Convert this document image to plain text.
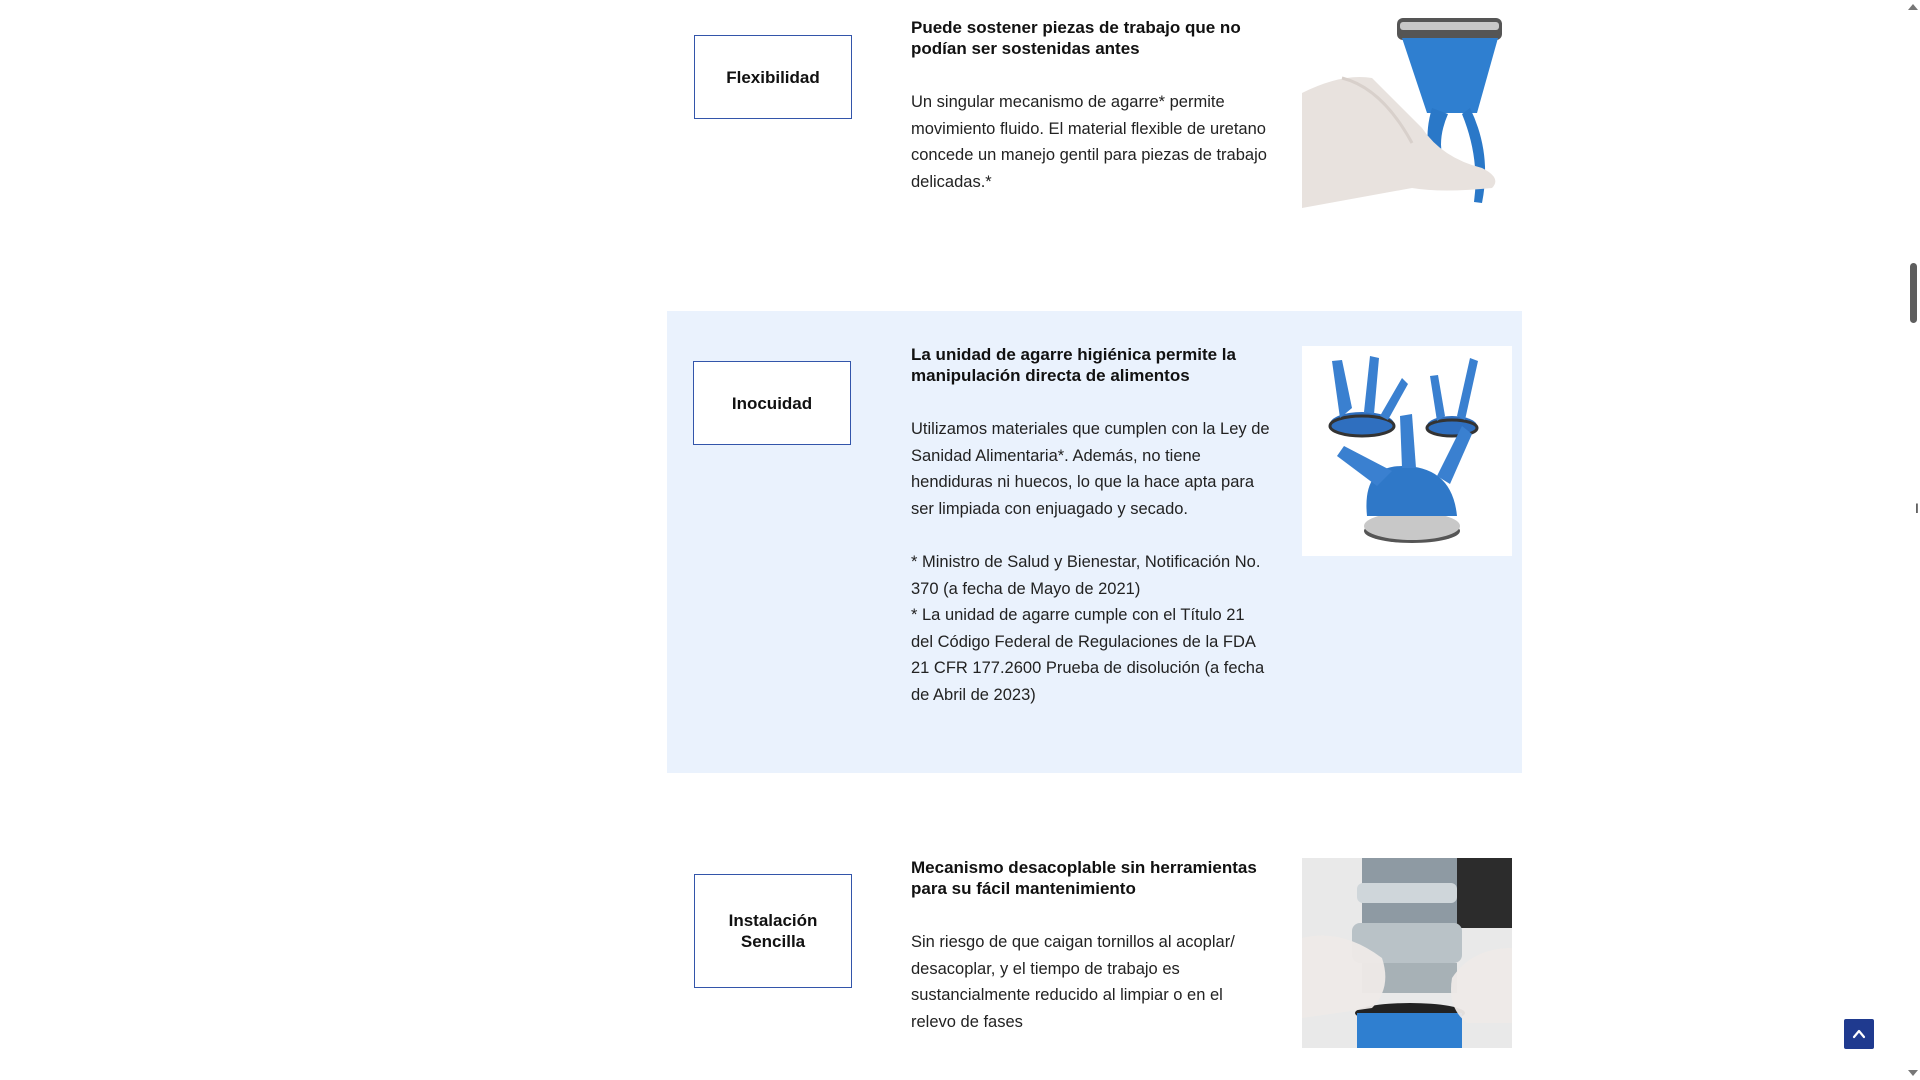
Flexibilidad

Puede sostener piezas de trabajo que no podían ser sostenidas antes

Un singular mecanismo de agarre* permite movimiento fluido. El material flexible de uretano concede un manejo gentil para piezas de trabajo delicadas.*

Inocuidad

La unidad de agarre higiénica permite la manipulación directa de alimentos

Utilizamos materiales que cumplen con la Ley de Sanidad Alimentaria*. Además, no tiene hendiduras ni huecos, lo que la hace apta para ser limpiada con enjuagado y secado.

* Ministro de Salud y Bienestar, Notificación No. 370 (a fecha de Mayo de 2021)

* La unidad de agarre cumple con el Título 21 del Código Federal de Regulaciones de la FDA 21 CFR 177.2600 Prueba de disolución (a fecha de Abril de 2023)

Instalación Sencilla

Mecanismo desacoplable sin herramientas para su fácil mantenimiento

Sin riesgo de que caigan tornillos al acoplar/ desacoplar, y el tiempo de trabajo es sustancialmente reducido al limpiar o en el relevo de fases

I
